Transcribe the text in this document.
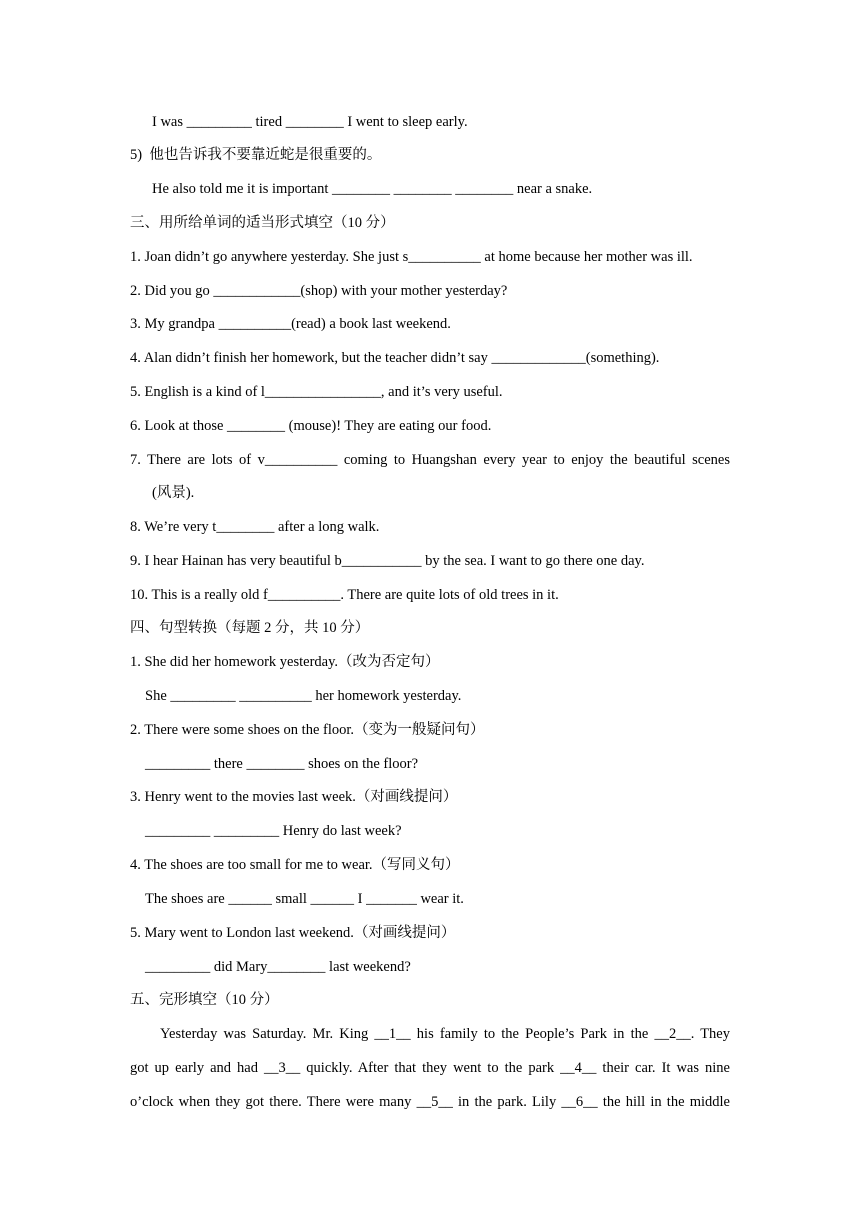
I was _________ tired ________ I went to sleep early.
5)  他也告诉我不要靠近蛇是很重要的。
He also told me it is important ________ ________ ________ near a snake.
三、用所给单词的适当形式填空（10 分）
1. Joan didn’t go anywhere yesterday. She just s__________ at home because her mother was ill.
2. Did you go ____________(shop) with your mother yesterday?
3. My grandpa __________(read) a book last weekend.
4. Alan didn’t finish her homework, but the teacher didn’t say _____________(something).
5. English is a kind of l________________, and it’s very useful.
6. Look at those ________ (mouse)! They are eating our food.
7. There are lots of v__________ coming to Huangshan every year to enjoy the beautiful scenes
(风景).
8. We’re very t________ after a long walk.
9. I hear Hainan has very beautiful b___________ by the sea. I want to go there one day.
10. This is a really old f__________. There are quite lots of old trees in it.
四、句型转换（每题 2 分，共 10 分）
1. She did her homework yesterday.（改为否定句）
She _________ __________ her homework yesterday.
2. There were some shoes on the floor.（变为一般疑问句）
_________ there ________ shoes on the floor?
3. Henry went to the movies last week.（对画线提问）
_________ _________ Henry do last week?
4. The shoes are too small for me to wear.（写同义句）
The shoes are ______ small ______ I _______ wear it.
5. Mary went to London last weekend.（对画线提问）
_________ did Mary________ last weekend?
五、完形填空（10 分）
Yesterday was Saturday. Mr. King __1__ his family to the People’s Park in the __2__. They
got up early and had __3__ quickly. After that they went to the park __4__ their car. It was nine
o’clock when they got there. There were many __5__ in the park. Lily __6__ the hill in the middle
